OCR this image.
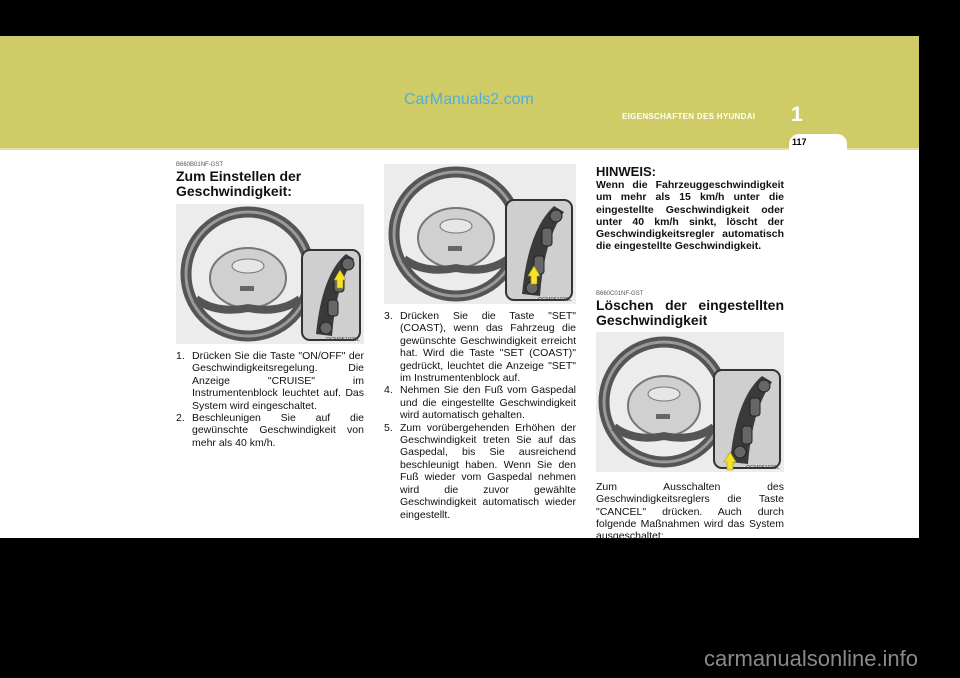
CarManuals2.com
EIGENSCHAFTEN DES HYUNDAI 1
117
B660B01NF-GST
Zum Einstellen der Geschwindigkeit:
OCM051029L
1. Drücken Sie die Taste "ON/OFF" der Geschwindigkeitsregelung. Die Anzeige "CRUISE" im Instrumentenblock leuchtet auf. Das System wird eingeschaltet.
2. Beschleunigen Sie auf die gewünschte Geschwindigkeit von mehr als 40 km/h.
OCM051030L
3. Drücken Sie die Taste "SET" (COAST), wenn das Fahrzeug die gewünschte Geschwindigkeit erreicht hat. Wird die Taste "SET (COAST)" gedrückt, leuchtet die Anzeige "SET" im Instrumentenblock auf.
4. Nehmen Sie den Fuß vom Gaspedal und die eingestellte Geschwindigkeit wird automatisch gehalten.
5. Zum vorübergehenden Erhöhen der Geschwindigkeit treten Sie auf das Gaspedal, bis Sie ausreichend beschleunigt haben. Wenn Sie den Fuß wieder vom Gaspedal nehmen wird die zuvor gewählte Geschwindigkeit automatisch wieder eingestellt.
HINWEIS:
Wenn die Fahrzeuggeschwindigkeit um mehr als 15 km/h unter die eingestellte Geschwindigkeit oder unter 40 km/h sinkt, löscht der Geschwindigkeitsregler automatisch die eingestellte Geschwindigkeit.
B660C01NF-GST
Löschen der eingestellten Geschwindigkeit
OCM051031L
Zum Ausschalten des Geschwindigkeitsreglers die Taste "CANCEL" drücken. Auch durch folgende Maßnahmen wird das System ausgeschaltet:
carmanualsonline.info
